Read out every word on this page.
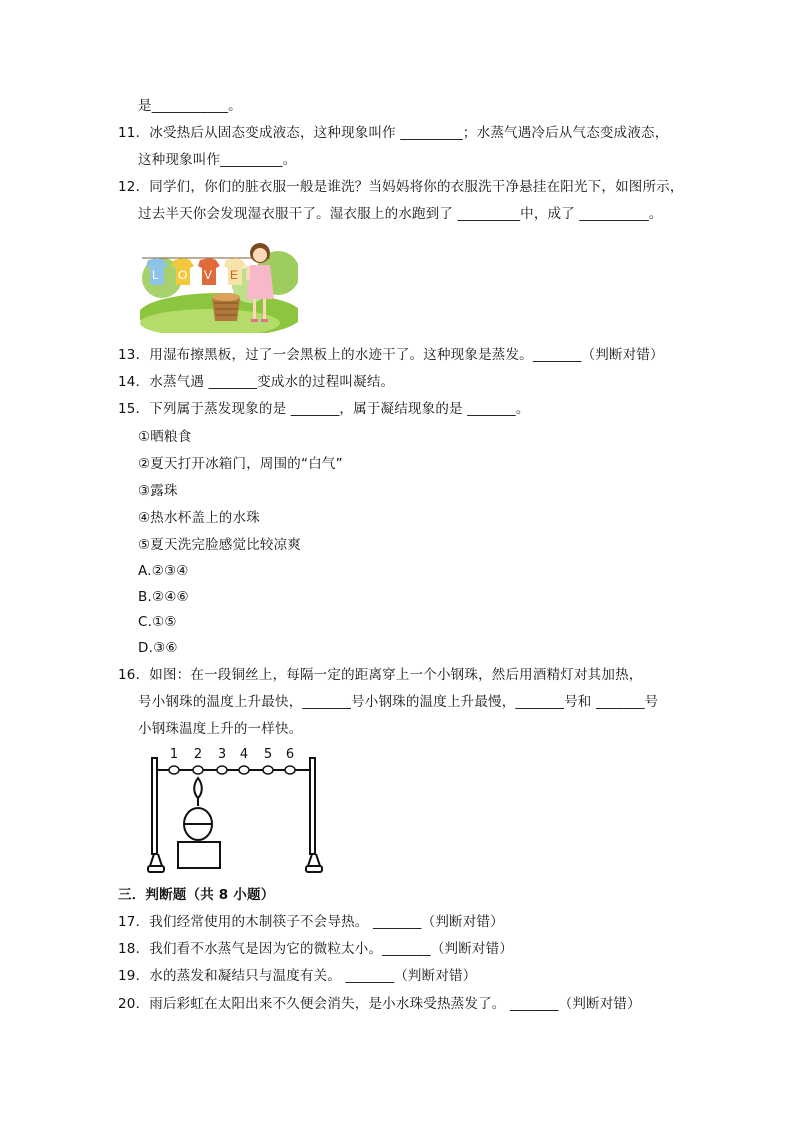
是___________。
11．冰受热后从固态变成液态，这种现象叫作 _________；水蒸气遇冷后从气态变成液态，
这种现象叫作_________。
12．同学们，你们的脏衣服一般是谁洗？当妈妈将你的衣服洗干净悬挂在阳光下，如图所示，
过去半天你会发现湿衣服干了。湿衣服上的水跑到了 _________中，成了 __________。
L O V E
13．用湿布擦黑板，过了一会黑板上的水迹干了。这种现象是蒸发。_______（判断对错）
14．水蒸气遇 _______变成水的过程叫凝结。
15．下列属于蒸发现象的是 _______，属于凝结现象的是 _______。
①晒粮食
②夏天打开冰箱门，周围的“白气”
③露珠
④热水杯盖上的水珠
⑤夏天洗完脸感觉比较凉爽
A.②③④
B.②④⑥
C.①⑤
D.③⑥
16．如图：在一段铜丝上，每隔一定的距离穿上一个小钢珠，然后用酒精灯对其加热，
号小钢珠的温度上升最快，_______号小钢珠的温度上升最慢，_______号和 _______号
小钢珠温度上升的一样快。
1 2 3 4 5 6
三．判断题（共 8 小题）
17．我们经常使用的木制筷子不会导热。 _______（判断对错）
18．我们看不水蒸气是因为它的微粒太小。_______（判断对错）
19．水的蒸发和凝结只与温度有关。 _______（判断对错）
20．雨后彩虹在太阳出来不久便会消失，是小水珠受热蒸发了。 _______（判断对错）
